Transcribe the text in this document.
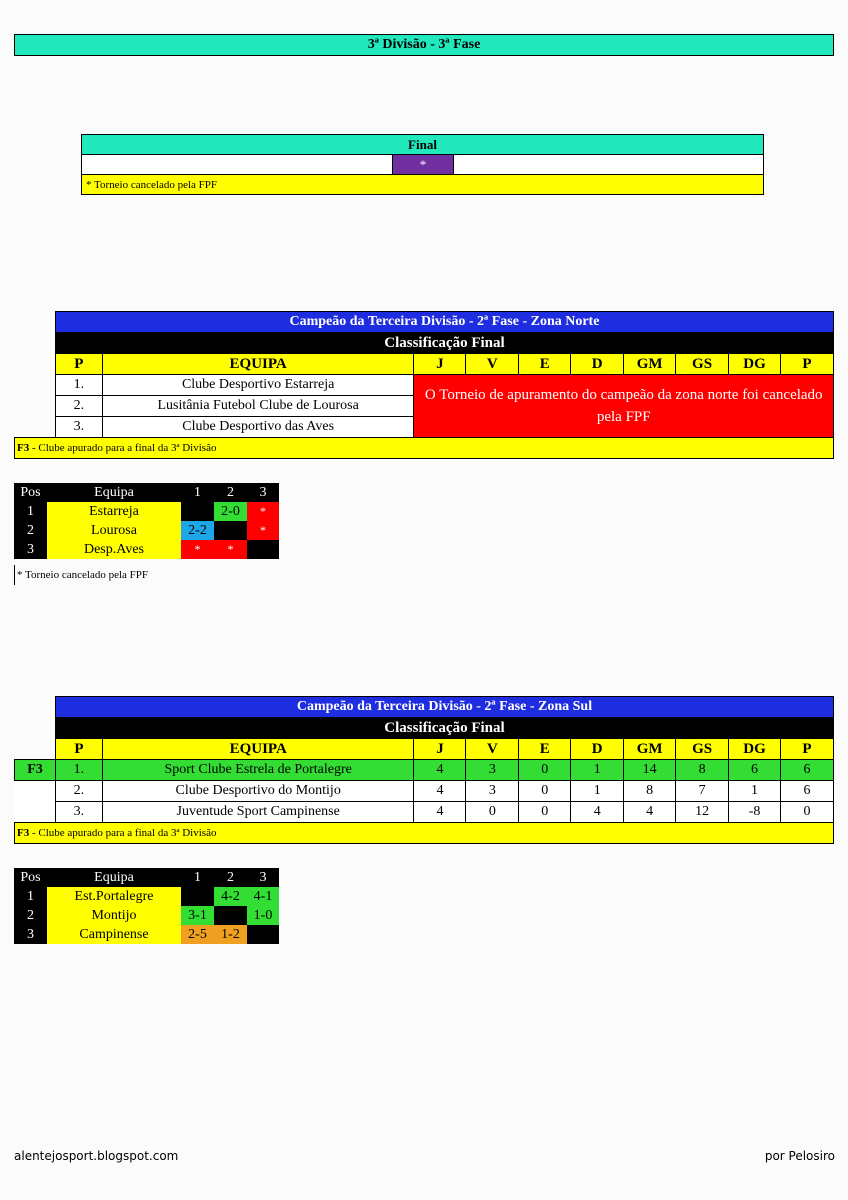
3ª Divisão - 3ª Fase
Final
	*	
* Torneio cancelado pela FPF
	Campeão da Terceira Divisão - 2ª Fase - Zona Norte									
	Classificação Final									
	P	EQUIPA	J	V	E	D	GM	GS	DG	P
	1.	Clube Desportivo Estarreja	O Torneio de apuramento do campeão da zona norte foi cancelado pela FPF							
	2.	Lusitânia Futebol Clube de Lourosa								
	3.	Clube Desportivo das Aves								
F3 - Clube apurado para a final da 3ª Divisão										
Pos	Equipa	1	2	3
1	Estarreja		2-0	*
2	Lourosa	2-2		*
3	Desp.Aves	*	*	
* Torneio cancelado pela FPF
	Campeão da Terceira Divisão - 2ª Fase - Zona Sul									
	Classificação Final									
	P	EQUIPA	J	V	E	D	GM	GS	DG	P
F3	1.	Sport Clube Estrela de Portalegre	4	3	0	1	14	8	6	6
	2.	Clube Desportivo do Montijo	4	3	0	1	8	7	1	6
	3.	Juventude Sport Campinense	4	0	0	4	4	12	-8	0
F3 - Clube apurado para a final da 3ª Divisão										
Pos	Equipa	1	2	3
1	Est.Portalegre		4-2	4-1
2	Montijo	3-1		1-0
3	Campinense	2-5	1-2	
alentejosport.blogspot.com	por Pelosiro
